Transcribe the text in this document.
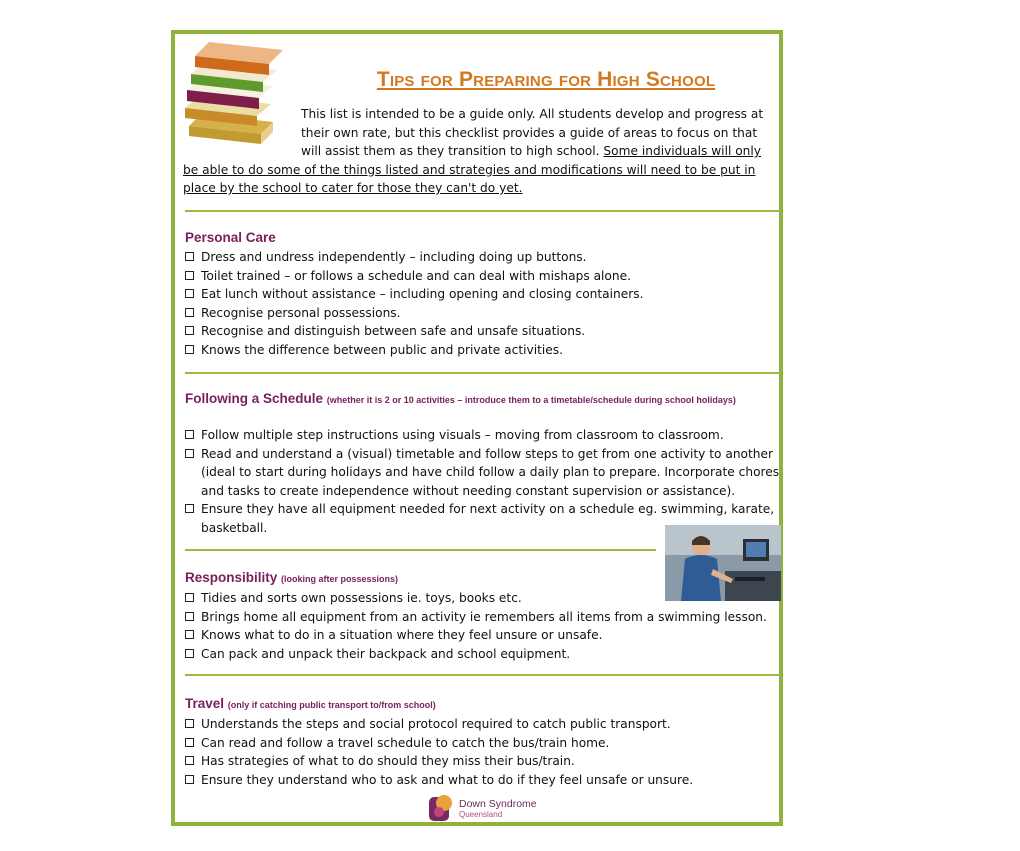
Tips for Preparing for High School

This list is intended to be a guide only. All students develop and progress at their own rate, but this checklist provides a guide of areas to focus on that will assist them as they transition to high school. Some individuals will only be able to do some of the things listed and strategies and modifications will need to be put in place by the school to cater for those they can't do yet.

Personal Care
Dress and undress independently – including doing up buttons.
Toilet trained – or follows a schedule and can deal with mishaps alone.
Eat lunch without assistance – including opening and closing containers.
Recognise personal possessions.
Recognise and distinguish between safe and unsafe situations.
Knows the difference between public and private activities.
Following a Schedule (whether it is 2 or 10 activities – introduce them to a timetable/schedule during school holidays)
Follow multiple step instructions using visuals – moving from classroom to classroom.
Read and understand a (visual) timetable and follow steps to get from one activity to another (ideal to start during holidays and have child follow a daily plan to prepare. Incorporate chores and tasks to create independence without needing constant supervision or assistance).
Ensure they have all equipment needed for next activity on a schedule eg. swimming, karate, basketball.
Responsibility (looking after possessions)
Tidies and sorts own possessions ie. toys, books etc.
Brings home all equipment from an activity ie remembers all items from a swimming lesson.
Knows what to do in a situation where they feel unsure or unsafe.
Can pack and unpack their backpack and school equipment.
Travel (only if catching public transport to/from school)
Understands the steps and social protocol required to catch public transport.
Can read and follow a travel schedule to catch the bus/train home.
Has strategies of what to do should they miss their bus/train.
Ensure they understand who to ask and what to do if they feel unsafe or unsure.
Down Syndrome
Queensland
